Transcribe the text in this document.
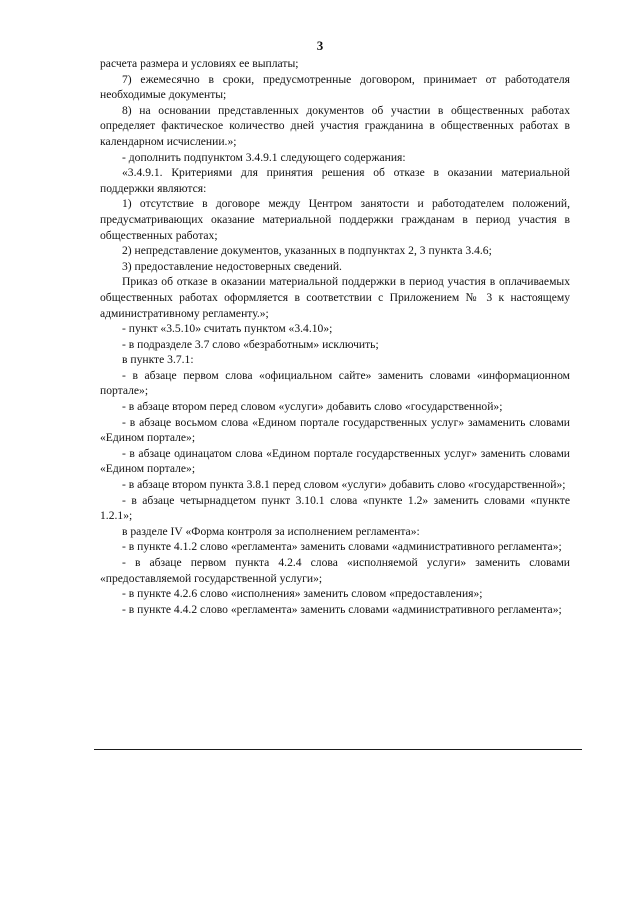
3

расчета размера и условиях ее выплаты;

7) ежемесячно в сроки, предусмотренные договором, принимает от работодателя необходимые документы;

8) на основании представленных документов об участии в общественных работах определяет фактическое количество дней участия гражданина в общественных работах в календарном исчислении.»;

- дополнить подпунктом 3.4.9.1 следующего содержания:

«3.4.9.1. Критериями для принятия решения об отказе в оказании материальной поддержки являются:

1) отсутствие в договоре между Центром занятости и работодателем положений, предусматривающих оказание материальной поддержки гражданам в период участия в общественных работах;

2) непредставление документов, указанных в подпунктах 2, 3 пункта 3.4.6;

3) предоставление недостоверных сведений.

Приказ об отказе в оказании материальной поддержки в период участия в оплачиваемых общественных работах оформляется в соответствии с Приложением № 3 к настоящему административному регламенту.»;

- пункт «3.5.10» считать пунктом «3.4.10»;

- в подразделе 3.7 слово «безработным» исключить;

в пункте 3.7.1:

- в абзаце первом слова «официальном сайте» заменить словами «информационном портале»;

- в абзаце втором перед словом «услуги» добавить слово «государственной»;

- в абзаце восьмом слова «Едином портале государственных услуг» замаменить словами «Едином портале»;

- в абзаце одинацатом слова «Едином портале государственных услуг» заменить словами «Едином портале»;

- в абзаце втором пункта 3.8.1 перед словом «услуги» добавить слово «государственной»;

- в абзаце четырнадцетом пункт 3.10.1 слова «пункте 1.2» заменить словами «пункте 1.2.1»;

в разделе IV «Форма контроля за исполнением регламента»:

- в пункте 4.1.2 слово «регламента» заменить словами «административного регламента»;

- в абзаце первом пункта 4.2.4 слова «исполняемой услуги» заменить словами «предоставляемой государственной услуги»;

- в пункте 4.2.6 слово «исполнения» заменить словом «предоставления»;

- в пункте 4.4.2 слово «регламента» заменить словами «административного регламента»;
